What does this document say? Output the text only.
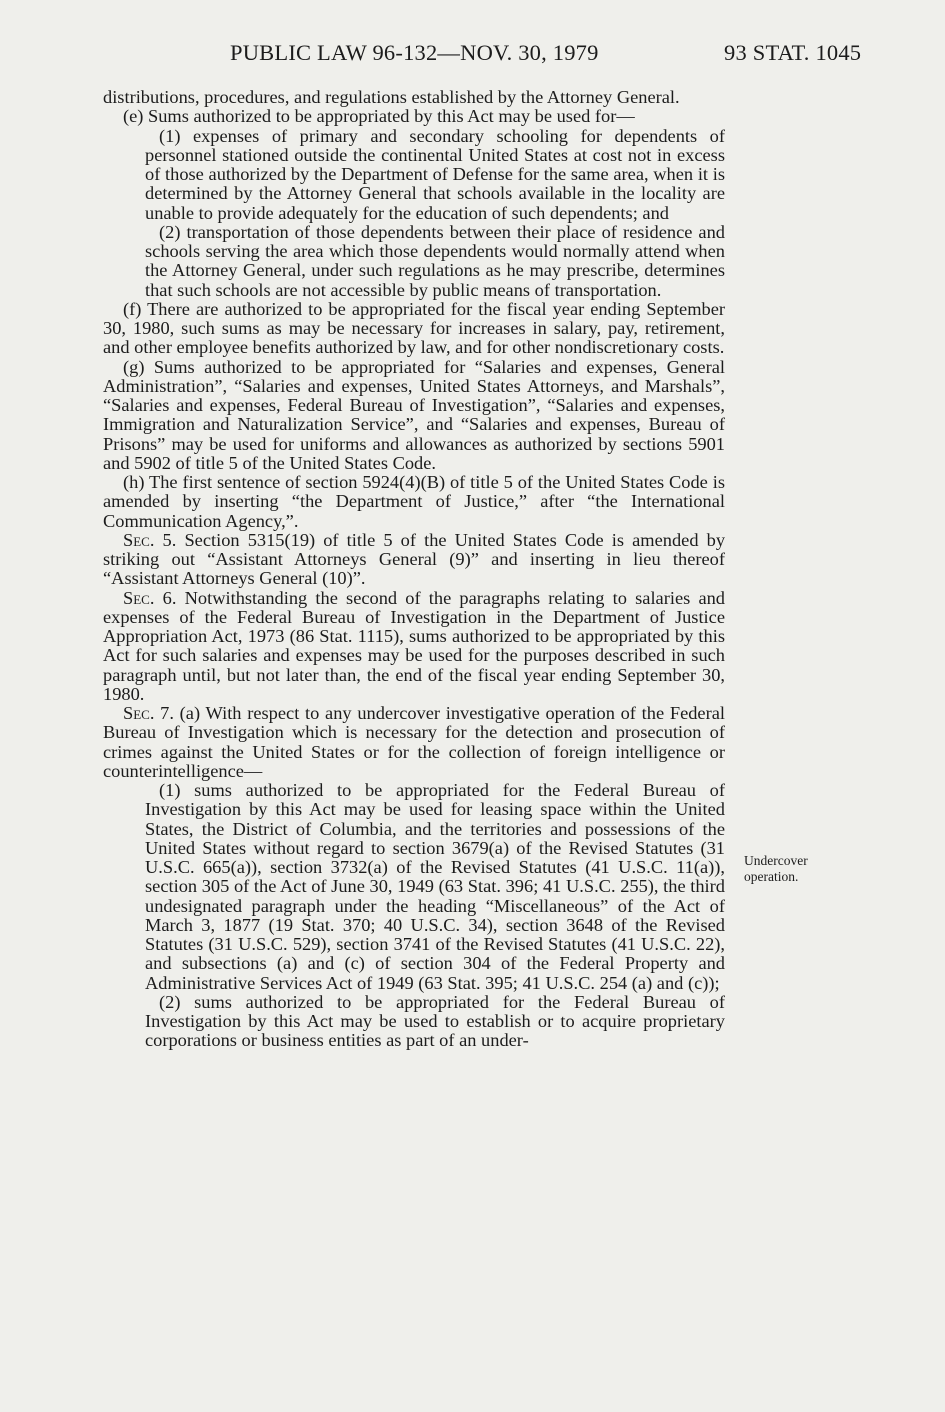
PUBLIC LAW 96-132—NOV. 30, 1979	93 STAT. 1045

distributions, procedures, and regulations established by the Attorney General.

(e) Sums authorized to be appropriated by this Act may be used for—

(1) expenses of primary and secondary schooling for dependents of personnel stationed outside the continental United States at cost not in excess of those authorized by the Department of Defense for the same area, when it is determined by the Attorney General that schools available in the locality are unable to provide adequately for the education of such dependents; and

(2) transportation of those dependents between their place of residence and schools serving the area which those dependents would normally attend when the Attorney General, under such regulations as he may prescribe, determines that such schools are not accessible by public means of transportation.

(f) There are authorized to be appropriated for the fiscal year ending September 30, 1980, such sums as may be necessary for increases in salary, pay, retirement, and other employee benefits authorized by law, and for other nondiscretionary costs.

(g) Sums authorized to be appropriated for “Salaries and expenses, General Administration”, “Salaries and expenses, United States Attorneys, and Marshals”, “Salaries and expenses, Federal Bureau of Investigation”, “Salaries and expenses, Immigration and Naturalization Service”, and “Salaries and expenses, Bureau of Prisons” may be used for uniforms and allowances as authorized by sections 5901 and 5902 of title 5 of the United States Code.

(h) The first sentence of section 5924(4)(B) of title 5 of the United States Code is amended by inserting “the Department of Justice,” after “the International Communication Agency,”.

Sec. 5. Section 5315(19) of title 5 of the United States Code is amended by striking out “Assistant Attorneys General (9)” and inserting in lieu thereof “Assistant Attorneys General (10)”.

Sec. 6. Notwithstanding the second of the paragraphs relating to salaries and expenses of the Federal Bureau of Investigation in the Department of Justice Appropriation Act, 1973 (86 Stat. 1115), sums authorized to be appropriated by this Act for such salaries and expenses may be used for the purposes described in such paragraph until, but not later than, the end of the fiscal year ending September 30, 1980.

Sec. 7. (a) With respect to any undercover investigative operation of the Federal Bureau of Investigation which is necessary for the detection and prosecution of crimes against the United States or for the collection of foreign intelligence or counterintelligence—

(1) sums authorized to be appropriated for the Federal Bureau of Investigation by this Act may be used for leasing space within the United States, the District of Columbia, and the territories and possessions of the United States without regard to section 3679(a) of the Revised Statutes (31 U.S.C. 665(a)), section 3732(a) of the Revised Statutes (41 U.S.C. 11(a)), section 305 of the Act of June 30, 1949 (63 Stat. 396; 41 U.S.C. 255), the third undesignated paragraph under the heading “Miscellaneous” of the Act of March 3, 1877 (19 Stat. 370; 40 U.S.C. 34), section 3648 of the Revised Statutes (31 U.S.C. 529), section 3741 of the Revised Statutes (41 U.S.C. 22), and subsections (a) and (c) of section 304 of the Federal Property and Administrative Services Act of 1949 (63 Stat. 395; 41 U.S.C. 254 (a) and (c));

(2) sums authorized to be appropriated for the Federal Bureau of Investigation by this Act may be used to establish or to acquire proprietary corporations or business entities as part of an under-

Undercover
operation.
